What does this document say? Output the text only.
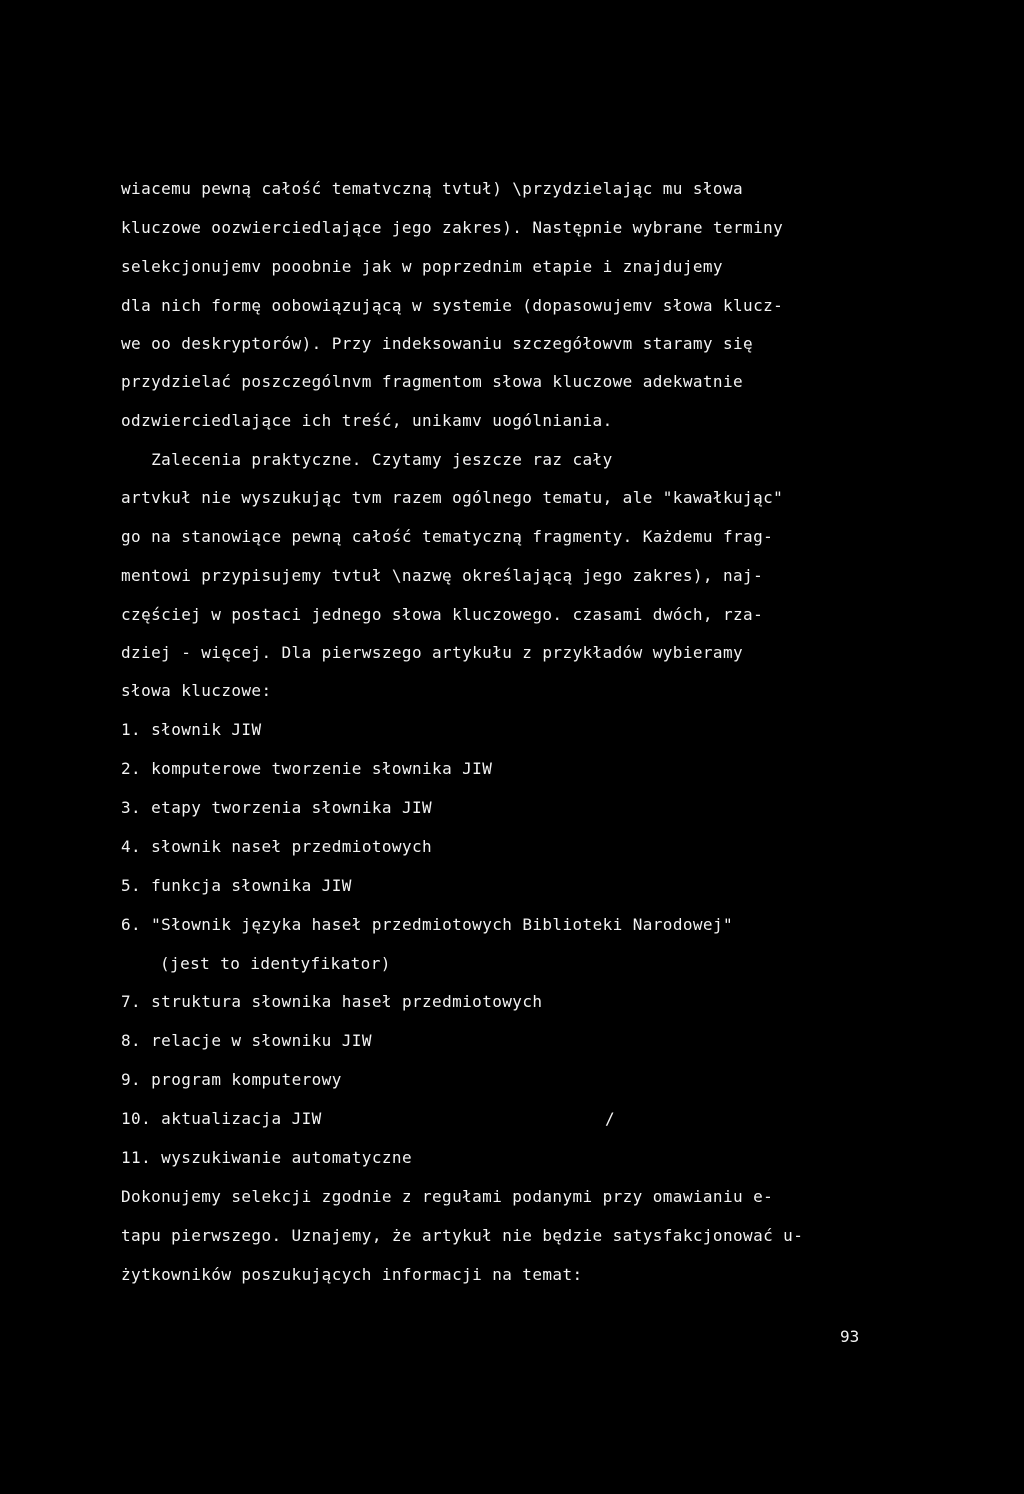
wiacemu pewną całość tematvczną tvtuł) \przydzielając mu słowa
kluczowe oozwierciedlające jego zakres). Następnie wybrane terminy
selekcjonujemv pooobnie jak w poprzednim etapie i znajdujemy
dla nich formę oobowiązującą w systemie (dopasowujemv słowa klucz-
we oo deskryptorów). Przy indeksowaniu szczegółowvm staramy się
przydzielać poszczególnvm fragmentom słowa kluczowe adekwatnie
odzwierciedlające ich treść, unikamv uogólniania.
Zalecenia praktyczne. Czytamy jeszcze raz cały
artvkuł nie wyszukując tvm razem ogólnego tematu, ale "kawałkując"
go na stanowiące pewną całość tematyczną fragmenty. Każdemu frag-
mentowi przypisujemy tvtuł \nazwę określającą jego zakres), naj-
częściej w postaci jednego słowa kluczowego. czasami dwóch, rza-
dziej - więcej. Dla pierwszego artykułu z przykładów wybieramy
słowa kluczowe:
1. słownik JIW
2. komputerowe tworzenie słownika JIW
3. etapy tworzenia słownika JIW
4. słownik naseł przedmiotowych
5. funkcja słownika JIW
6. "Słownik języka haseł przedmiotowych Biblioteki Narodowej"
(jest to identyfikator)
7. struktura słownika haseł przedmiotowych
8. relacje w słowniku JIW
9. program komputerowy
10. aktualizacja JIW	/
11. wyszukiwanie automatyczne
Dokonujemy selekcji zgodnie z regułami podanymi przy omawianiu e-
tapu pierwszego. Uznajemy, że artykuł nie będzie satysfakcjonować u-
żytkowników poszukujących informacji na temat:
93
